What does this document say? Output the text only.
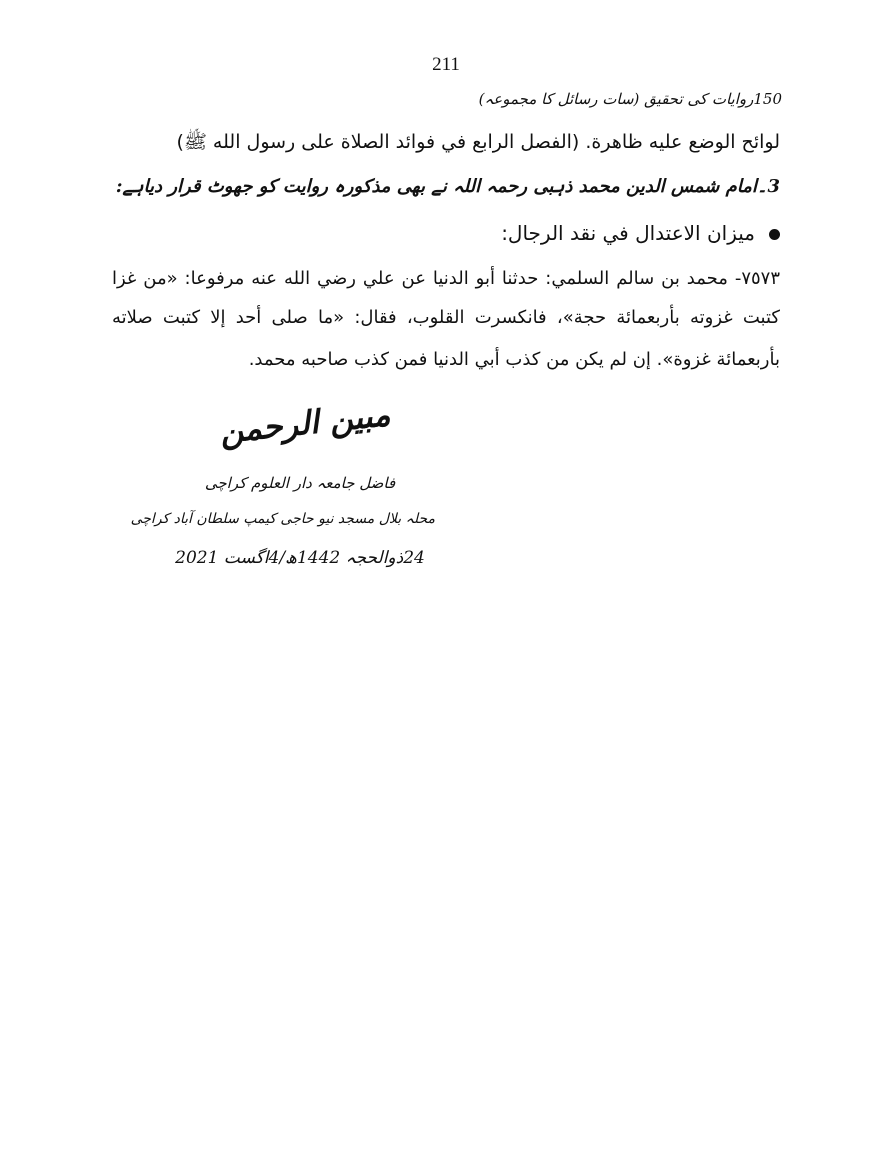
211
150روایات کی تحقیق (سات رسائل کا مجموعہ)
لوائح الوضع عليه ظاهرة. (الفصل الرابع في فوائد الصلاة على رسول الله ﷺ)
3۔امام شمس الدین محمد ذہبی رحمہ اللہ نے بھی مذکورہ روایت کو جھوٹ قرار دیاہے:
ميزان الاعتدال في نقد الرجال:
٧٥٧٣- محمد بن سالم السلمي: حدثنا أبو الدنيا عن علي رضي الله عنه مرفوعا: «من غزا
كتبت غزوته بأربعمائة حجة»، فانكسرت القلوب، فقال: «ما صلى أحد إلا كتبت صلاته
بأربعمائة غزوة». إن لم يكن من كذب أبي الدنيا فمن كذب صاحبه محمد.
مبین الرحمن
فاضل جامعہ دار العلوم کراچی
محلہ بلال مسجد نیو حاجی کیمپ سلطان آباد کراچی
24ذوالحجہ 1442ھ/4اگست 2021
